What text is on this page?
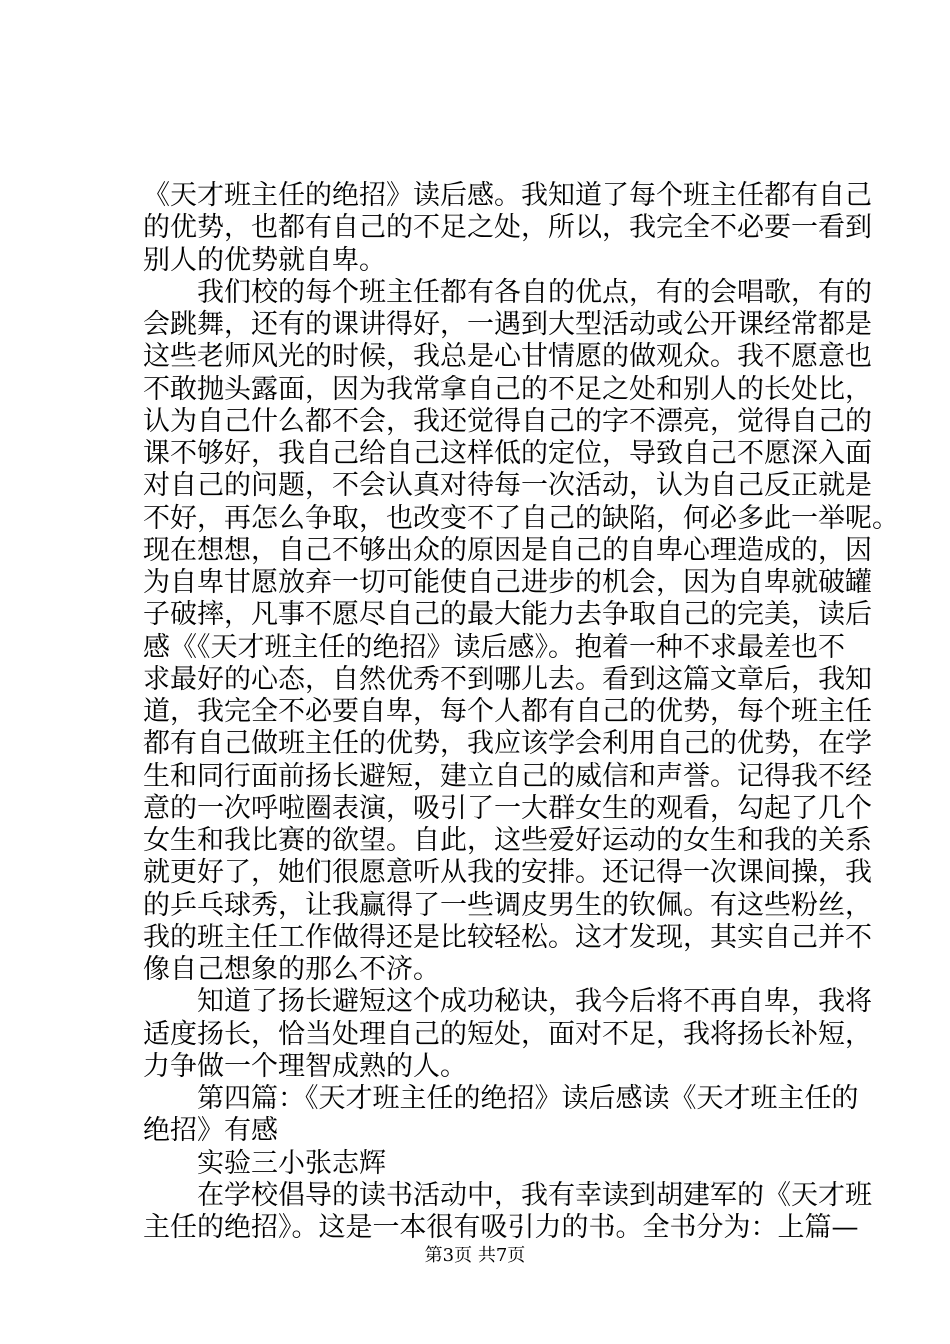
《天才班主任的绝招》读后感。我知道了每个班主任都有自己
的优势，也都有自己的不足之处，所以，我完全不必要一看到
别人的优势就自卑。
　　我们校的每个班主任都有各自的优点，有的会唱歌，有的
会跳舞，还有的课讲得好，一遇到大型活动或公开课经常都是
这些老师风光的时候，我总是心甘情愿的做观众。我不愿意也
不敢抛头露面，因为我常拿自己的不足之处和别人的长处比，
认为自己什么都不会，我还觉得自己的字不漂亮，觉得自己的
课不够好，我自己给自己这样低的定位，导致自己不愿深入面
对自己的问题，不会认真对待每一次活动，认为自己反正就是
不好，再怎么争取，也改变不了自己的缺陷，何必多此一举呢。
现在想想，自己不够出众的原因是自己的自卑心理造成的，因
为自卑甘愿放弃一切可能使自己进步的机会，因为自卑就破罐
子破摔，凡事不愿尽自己的最大能力去争取自己的完美，读后
感《《天才班主任的绝招》读后感》。抱着一种不求最差也不
求最好的心态，自然优秀不到哪儿去。看到这篇文章后，我知
道，我完全不必要自卑，每个人都有自己的优势，每个班主任
都有自己做班主任的优势，我应该学会利用自己的优势，在学
生和同行面前扬长避短，建立自己的威信和声誉。记得我不经
意的一次呼啦圈表演，吸引了一大群女生的观看，勾起了几个
女生和我比赛的欲望。自此，这些爱好运动的女生和我的关系
就更好了，她们很愿意听从我的安排。还记得一次课间操，我
的乒乓球秀，让我赢得了一些调皮男生的钦佩。有这些粉丝，
我的班主任工作做得还是比较轻松。这才发现，其实自己并不
像自己想象的那么不济。
　　知道了扬长避短这个成功秘诀，我今后将不再自卑，我将
适度扬长，恰当处理自己的短处，面对不足，我将扬长补短，
力争做一个理智成熟的人。
　　第四篇：《天才班主任的绝招》读后感读《天才班主任的
绝招》有感
　　实验三小张志辉
　　在学校倡导的读书活动中，我有幸读到胡建军的《天才班
主任的绝招》。这是一本很有吸引力的书。全书分为：上篇—
第3页 共7页
